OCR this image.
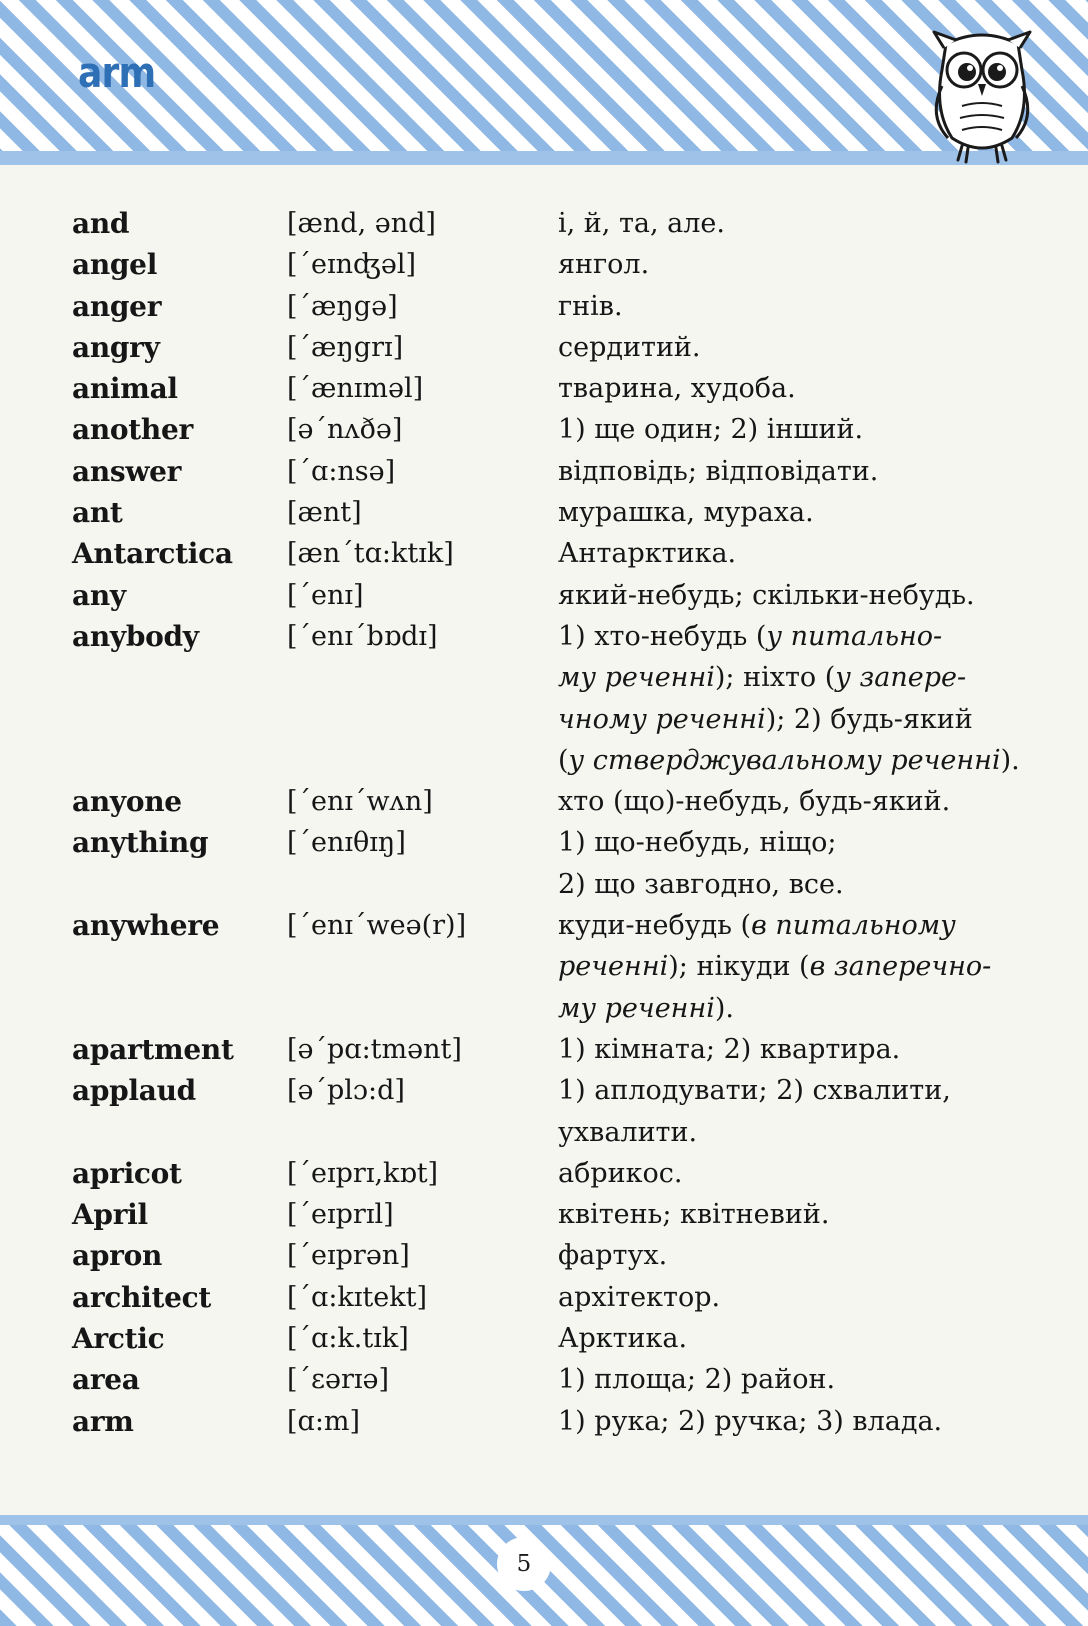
arm
and	[ænd, ənd]	і, й, та, але.
angel	[΄eɪnʤəl]	янгол.
anger	[΄æŋgə]	гнів.
angry	[΄æŋgrɪ]	сердитий.
animal	[΄ænɪməl]	тварина, худоба.
another	[ə΄nʌðə]	1) ще один; 2) інший.
answer	[΄ɑ:nsə]	відповідь; відповідати.
ant	[ænt]	мурашка, мураха.
Antarctica [æn΄tɑ:ktɪk]	Антарктика.
any	[΄enɪ]	який-небудь; скільки-небудь.
anybody	[΄enɪ΄bɒdɪ]	1) хто-небудь (у питально-
му реченні); ніхто (у запере-
чному реченні); 2) будь-який
(у стверджувальному реченні).
anyone	[΄enɪ΄wʌn]	хто (що)-небудь, будь-який.
anything	[΄enɪθɪŋ]	1) що-небудь, ніщо;
2) що завгодно, все.
anywhere	[΄enɪ΄weə(r)]	куди-небудь (в питальному
реченні); нікуди (в заперечно-
му реченні).
apartment [ə΄pɑ:tmənt]	1) кімната; 2) квартира.
applaud	[ə΄plɔ:d]	1) аплодувати; 2) схвалити,
ухвалити.
apricot	[΄eɪprɪ,kɒt]	абрикос.
April	[΄eɪprɪl]	квітень; квітневий.
apron	[΄eɪprən]	фартух.
architect	[΄ɑ:kɪtekt]	архітектор.
Arctic	[΄ɑ:k.tɪk]	Арктика.
area	[΄ɛərɪə]	1) площа; 2) район.
arm	[ɑ:m]	1) рука; 2) ручка; 3) влада.
5
